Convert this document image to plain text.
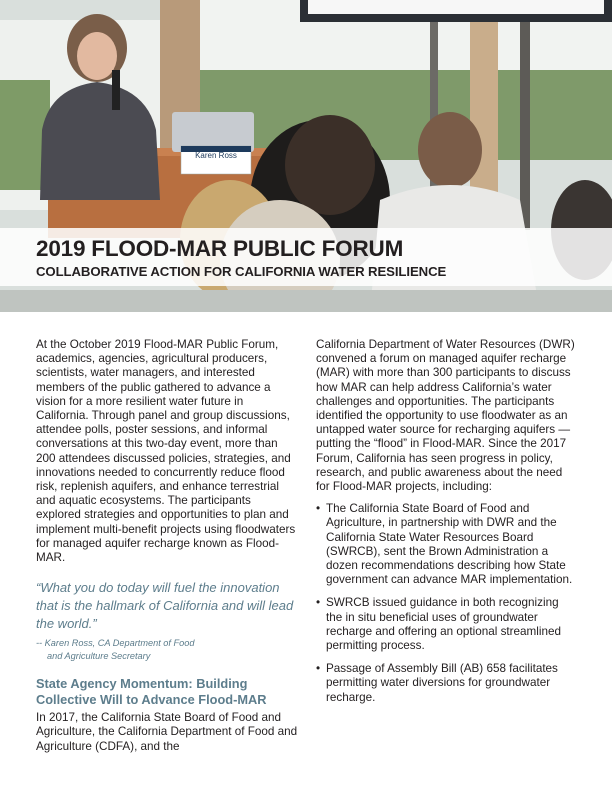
Karen Ross
2019 FLOOD-MAR PUBLIC FORUM
COLLABORATIVE ACTION FOR CALIFORNIA WATER RESILIENCE

At the October 2019 Flood-MAR Public Forum, academics, agencies, agricultural producers, scientists, water managers, and interested members of the public gathered to advance a vision for a more resilient water future in California. Through panel and group discussions, attendee polls, poster sessions, and informal conversations at this two-day event, more than 200 attendees discussed policies, strategies, and innovations needed to concurrently reduce flood risk, replenish aquifers, and enhance terrestrial and aquatic ecosystems. The participants explored strategies and opportunities to plan and implement multi-benefit projects using floodwaters for managed aquifer recharge known as Flood-MAR.

“What you do today will fuel the innovation that is the hallmark of California and will lead the world.”

-- Karen Ross, CA Department of Food
and Agriculture Secretary

State Agency Momentum: Building Collective Will to Advance Flood-MAR

In 2017, the California State Board of Food and Agriculture, the California Department of Food and Agriculture (CDFA), and the

California Department of Water Resources (DWR) convened a forum on managed aquifer recharge (MAR) with more than 300 participants to discuss how MAR can help address California’s water challenges and opportunities. The participants identified the opportunity to use floodwater as an untapped water source for recharging aquifers — putting the “flood” in Flood-MAR. Since the 2017 Forum, California has seen progress in policy, research, and public awareness about the need for Flood-MAR projects, including:

• The California State Board of Food and Agriculture, in partnership with DWR and the California State Water Resources Board (SWRCB), sent the Brown Administration a dozen recommendations describing how State government can advance MAR implementation.
• SWRCB issued guidance in both recognizing the in situ beneficial uses of groundwater recharge and offering an optional streamlined permitting process.
• Passage of Assembly Bill (AB) 658 facilitates permitting water diversions for groundwater recharge.
